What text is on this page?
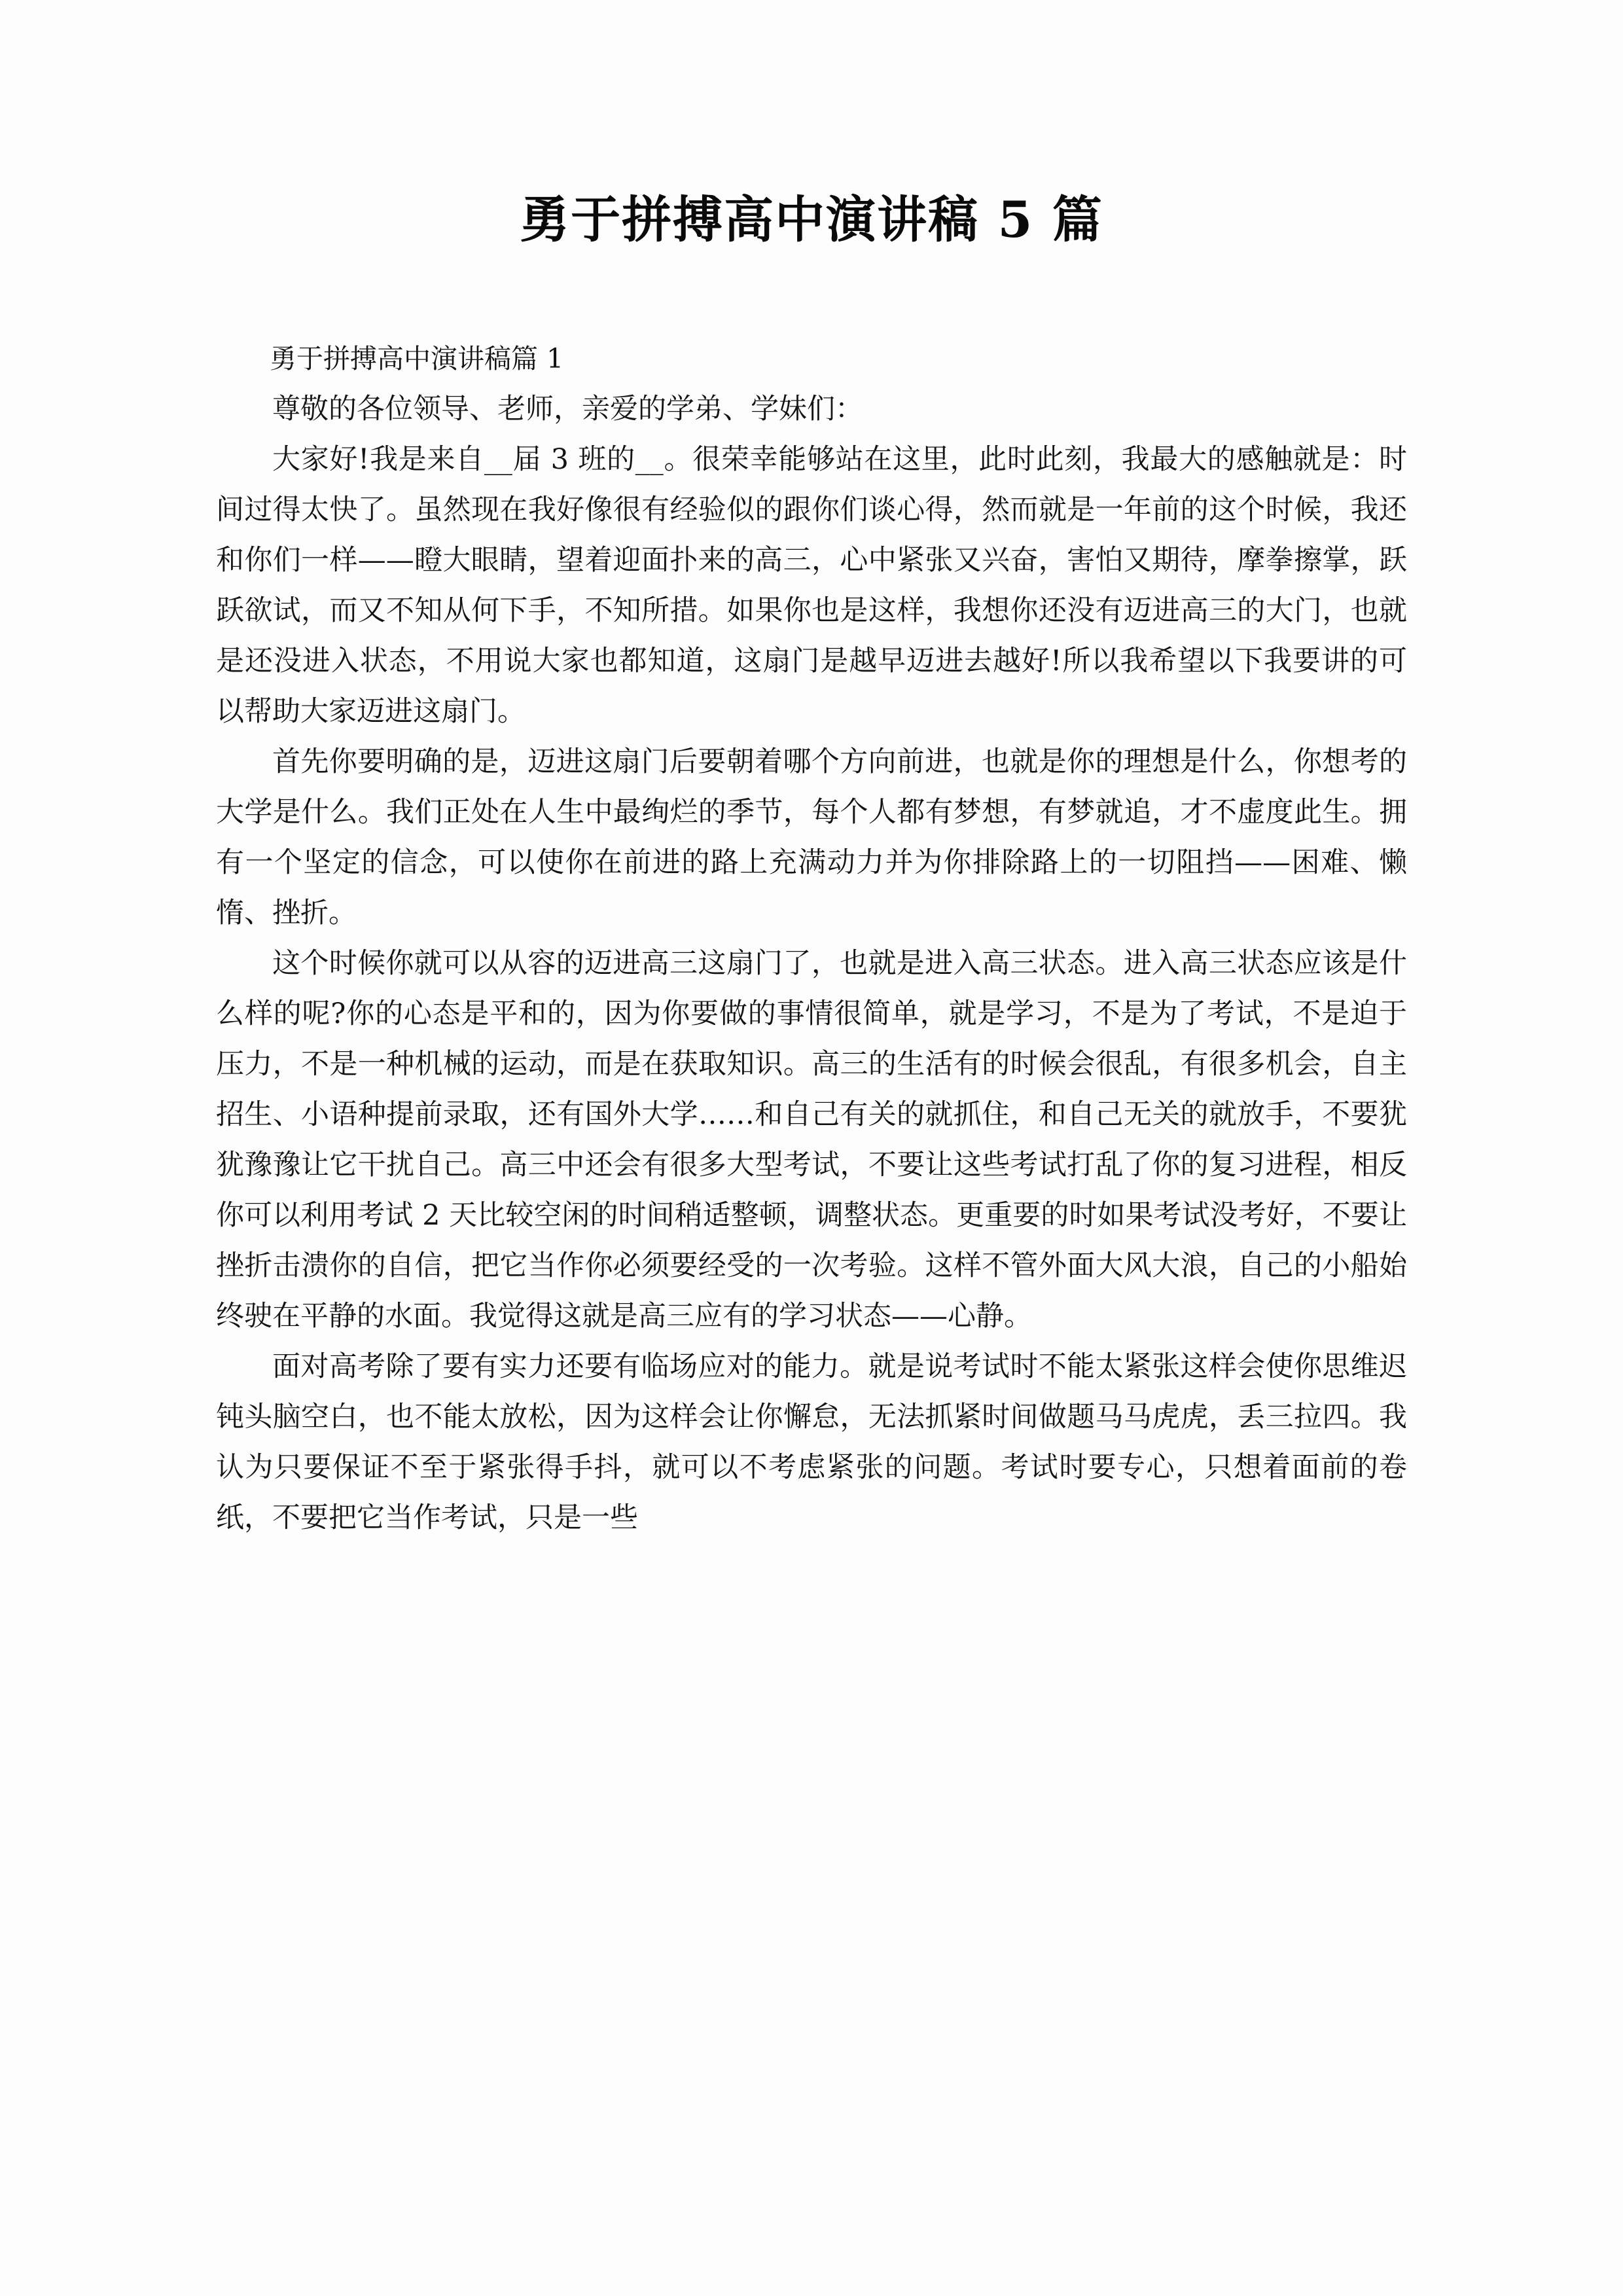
勇于拼搏高中演讲稿 5 篇

勇于拼搏高中演讲稿篇 1

尊敬的各位领导、老师，亲爱的学弟、学妹们：

大家好!我是来自__届 3 班的__。很荣幸能够站在这里，此时此刻，我最大的感触就是：时间过得太快了。虽然现在我好像很有经验似的跟你们谈心得，然而就是一年前的这个时候，我还和你们一样——瞪大眼睛，望着迎面扑来的高三，心中紧张又兴奋，害怕又期待，摩拳擦掌，跃跃欲试，而又不知从何下手，不知所措。如果你也是这样，我想你还没有迈进高三的大门，也就是还没进入状态，不用说大家也都知道，这扇门是越早迈进去越好!所以我希望以下我要讲的可以帮助大家迈进这扇门。

首先你要明确的是，迈进这扇门后要朝着哪个方向前进，也就是你的理想是什么，你想考的大学是什么。我们正处在人生中最绚烂的季节，每个人都有梦想，有梦就追，才不虚度此生。拥有一个坚定的信念，可以使你在前进的路上充满动力并为你排除路上的一切阻挡——困难、懒惰、挫折。

这个时候你就可以从容的迈进高三这扇门了，也就是进入高三状态。进入高三状态应该是什么样的呢?你的心态是平和的，因为你要做的事情很简单，就是学习，不是为了考试，不是迫于压力，不是一种机械的运动，而是在获取知识。高三的生活有的时候会很乱，有很多机会，自主招生、小语种提前录取，还有国外大学……和自己有关的就抓住，和自己无关的就放手，不要犹犹豫豫让它干扰自己。高三中还会有很多大型考试，不要让这些考试打乱了你的复习进程，相反你可以利用考试 2 天比较空闲的时间稍适整顿，调整状态。更重要的时如果考试没考好，不要让挫折击溃你的自信，把它当作你必须要经受的一次考验。这样不管外面大风大浪，自己的小船始终驶在平静的水面。我觉得这就是高三应有的学习状态——心静。

面对高考除了要有实力还要有临场应对的能力。就是说考试时不能太紧张这样会使你思维迟钝头脑空白，也不能太放松，因为这样会让你懈怠，无法抓紧时间做题马马虎虎，丢三拉四。我认为只要保证不至于紧张得手抖，就可以不考虑紧张的问题。考试时要专心，只想着面前的卷纸，不要把它当作考试，只是一些
